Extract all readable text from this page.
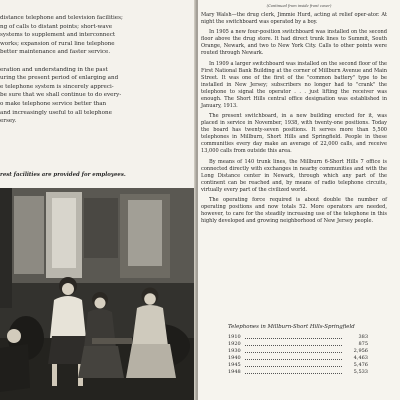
distance telephone and television facilities;

ng of calls to distant points; short-wave

systems to supplement and interconnect

works; expansion of rural line telephone

better maintenance and faster service.

eration and understanding in the past

uring the present period of enlarging and

e telephone system is sincerely appreci-

be sure that we shall continue to do every-

o make telephone service better than

and increasingly useful to all telephone

ersey.

rest facilities are provided for employees.
(Continued from inside front cover)

Mary Walsh—the drug clerk, Jimmie Hurd, acting at relief oper-ator. At night the switchboard was operated by a boy.

In 1905 a new four-position switchboard was installed on the second floor above the drug store. It had direct trunk lines to Summit, South Orange, Newark, and two to New York City. Calls to other points were routed through Newark.

In 1909 a larger switchboard was installed on the second floor of the First National Bank Building at the corner of Millburn Avenue and Main Street. It was one of the first of the "common battery" type to be installed in New Jersey; subscribers no longer had to "crank" the telephone to signal the operator . . . just lifting the receiver was enough. The Short Hills central office designation was established in January, 1913.

The present switchboard, in a new building erected for it, was placed in service in November, 1938, with twenty-one positions. Today the board has twenty-seven positions. It serves more than 5,500 telephones in Millburn, Short Hills and Springfield. People in these communities every day make an average of 22,000 calls, and receive 13,000 calls from outside this area.

By means of 140 trunk lines, the Millburn 6-Short Hills 7 office is connected directly with exchanges in nearby communities and with the Long Distance center in Newark, through which any part of the continent can be reached and, by means of radio telephone circuits, virtually every part of the civilized world.

The operating force required is about double the number of operating positions and now totals 52. More operators are needed, however, to care for the steadily increasing use of the telephone in this highly developed and growing neighborhood of New Jersey people.

Telephones in Millburn-Short Hills-Springfield
1910	383
1920	875
1930	2,956
1940	4,463
1945	5,476
1948	5,533
